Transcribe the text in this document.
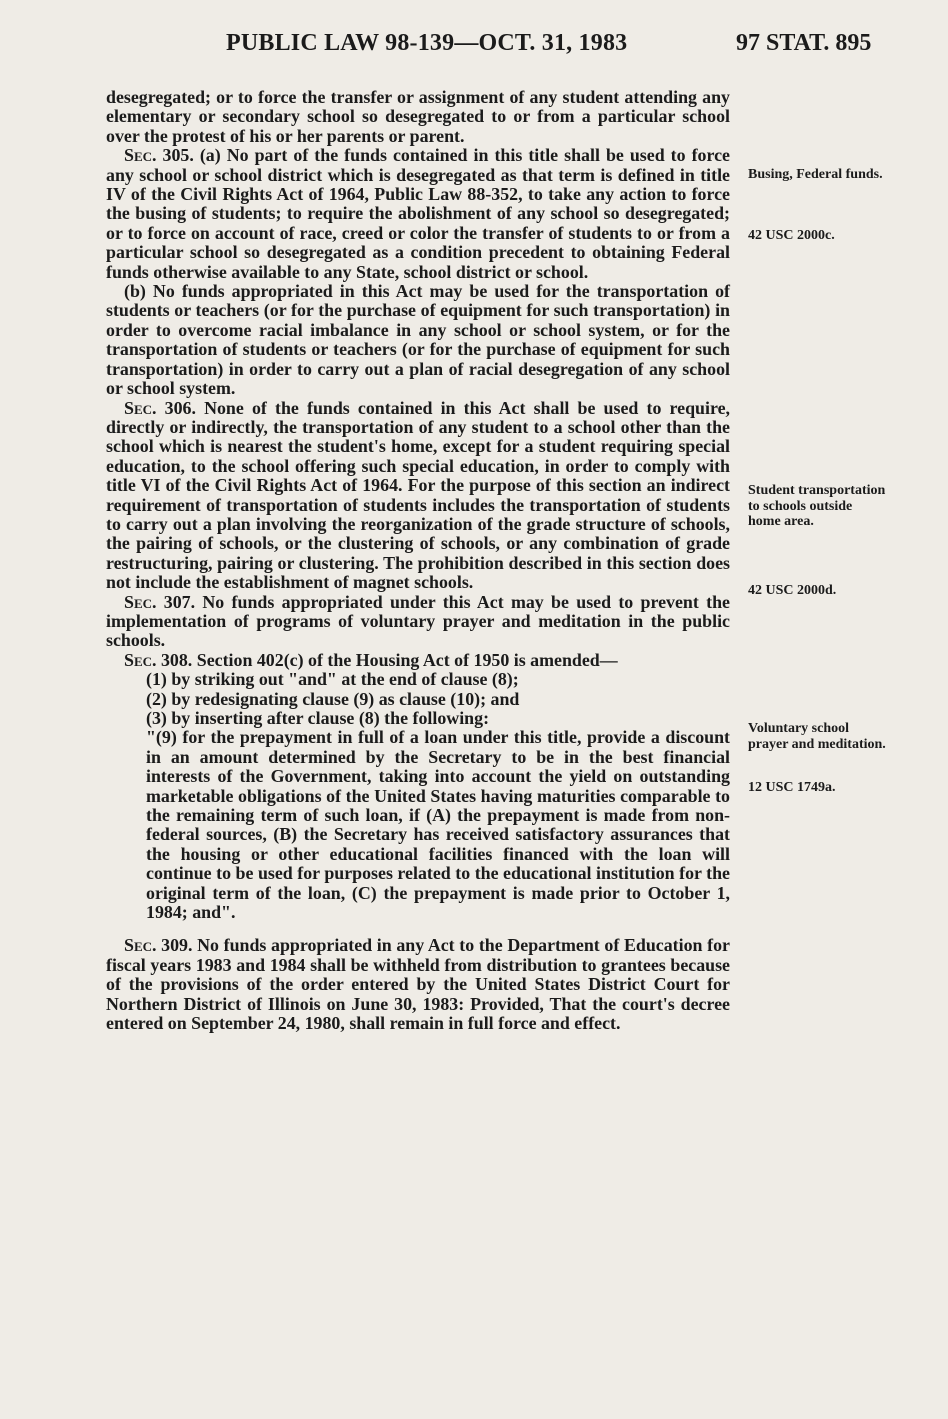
PUBLIC LAW 98-139—OCT. 31, 1983	97 STAT. 895

desegregated; or to force the transfer or assignment of any student attending any elementary or secondary school so desegregated to or from a particular school over the protest of his or her parents or parent.

Sec. 305. (a) No part of the funds contained in this title shall be used to force any school or school district which is desegregated as that term is defined in title IV of the Civil Rights Act of 1964, Public Law 88-352, to take any action to force the busing of students; to require the abolishment of any school so desegregated; or to force on account of race, creed or color the transfer of students to or from a particular school so desegregated as a condition precedent to obtaining Federal funds otherwise available to any State, school district or school.

(b) No funds appropriated in this Act may be used for the transportation of students or teachers (or for the purchase of equipment for such transportation) in order to overcome racial imbalance in any school or school system, or for the transportation of students or teachers (or for the purchase of equipment for such transportation) in order to carry out a plan of racial desegregation of any school or school system.

Sec. 306. None of the funds contained in this Act shall be used to require, directly or indirectly, the transportation of any student to a school other than the school which is nearest the student's home, except for a student requiring special education, to the school offering such special education, in order to comply with title VI of the Civil Rights Act of 1964. For the purpose of this section an indirect requirement of transportation of students includes the transportation of students to carry out a plan involving the reorganization of the grade structure of schools, the pairing of schools, or the clustering of schools, or any combination of grade restructuring, pairing or clustering. The prohibition described in this section does not include the establishment of magnet schools.

Sec. 307. No funds appropriated under this Act may be used to prevent the implementation of programs of voluntary prayer and meditation in the public schools.

Sec. 308. Section 402(c) of the Housing Act of 1950 is amended—

(1) by striking out "and" at the end of clause (8);

(2) by redesignating clause (9) as clause (10); and

(3) by inserting after clause (8) the following:

"(9) for the prepayment in full of a loan under this title, provide a discount in an amount determined by the Secretary to be in the best financial interests of the Government, taking into account the yield on outstanding marketable obligations of the United States having maturities comparable to the remaining term of such loan, if (A) the prepayment is made from non-federal sources, (B) the Secretary has received satisfactory assurances that the housing or other educational facilities financed with the loan will continue to be used for purposes related to the educational institution for the original term of the loan, (C) the prepayment is made prior to October 1, 1984; and".

Sec. 309. No funds appropriated in any Act to the Department of Education for fiscal years 1983 and 1984 shall be withheld from distribution to grantees because of the provisions of the order entered by the United States District Court for Northern District of Illinois on June 30, 1983: Provided, That the court's decree entered on September 24, 1980, shall remain in full force and effect.

Busing, Federal funds.
42 USC 2000c.
Student transportation to schools outside home area.
42 USC 2000d.
Voluntary school prayer and meditation.
12 USC 1749a.
